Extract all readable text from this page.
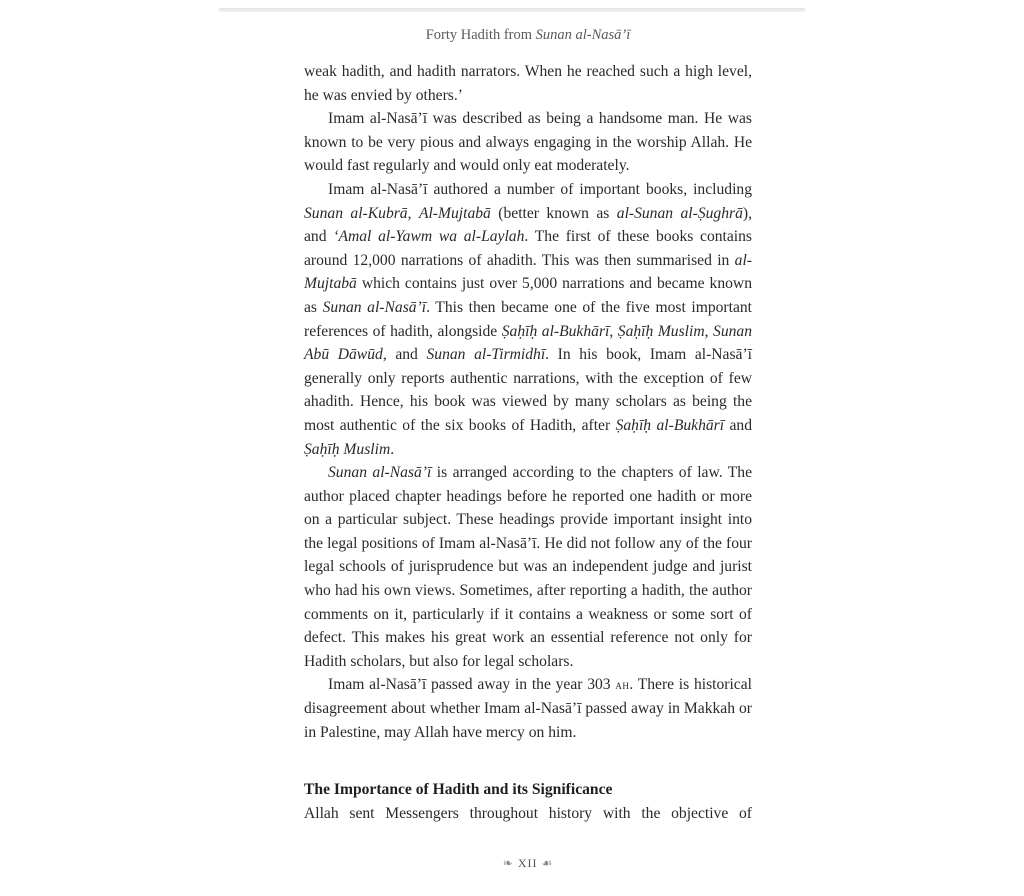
Forty Hadith from Sunan al-Nasā’ī

weak hadith, and hadith narrators. When he reached such a high level, he was envied by others.’

Imam al-Nasā’ī was described as being a handsome man. He was known to be very pious and always engaging in the worship Allah. He would fast regularly and would only eat moderately.

Imam al-Nasā’ī authored a number of important books, including Sunan al-Kubrā, Al-Mujtabā (better known as al-Sunan al-Ṣughrā), and ‘Amal al-Yawm wa al-Laylah. The first of these books contains around 12,000 narrations of ahadith. This was then summarised in al-Mujtabā which contains just over 5,000 narrations and became known as Sunan al-Nasā’ī. This then became one of the five most important references of hadith, alongside Ṣaḥīḥ al-Bukhārī, Ṣaḥīḥ Muslim, Sunan Abū Dāwūd, and Sunan al-Tirmidhī. In his book, Imam al-Nasā’ī generally only reports authentic narrations, with the exception of few ahadith. Hence, his book was viewed by many scholars as being the most authentic of the six books of Hadith, after Ṣaḥīḥ al-Bukhārī and Ṣaḥīḥ Muslim.

Sunan al-Nasā’ī is arranged according to the chapters of law. The author placed chapter headings before he reported one hadith or more on a particular subject. These headings provide important insight into the legal positions of Imam al-Nasā’ī. He did not follow any of the four legal schools of jurisprudence but was an independent judge and jurist who had his own views. Sometimes, after reporting a hadith, the author comments on it, particularly if it contains a weakness or some sort of defect. This makes his great work an essential reference not only for Hadith scholars, but also for legal scholars.

Imam al-Nasā’ī passed away in the year 303 ah. There is historical disagreement about whether Imam al-Nasā’ī passed away in Makkah or in Palestine, may Allah have mercy on him.

The Importance of Hadith and its Significance
Allah sent Messengers throughout history with the objective of
❧ XII ☙
